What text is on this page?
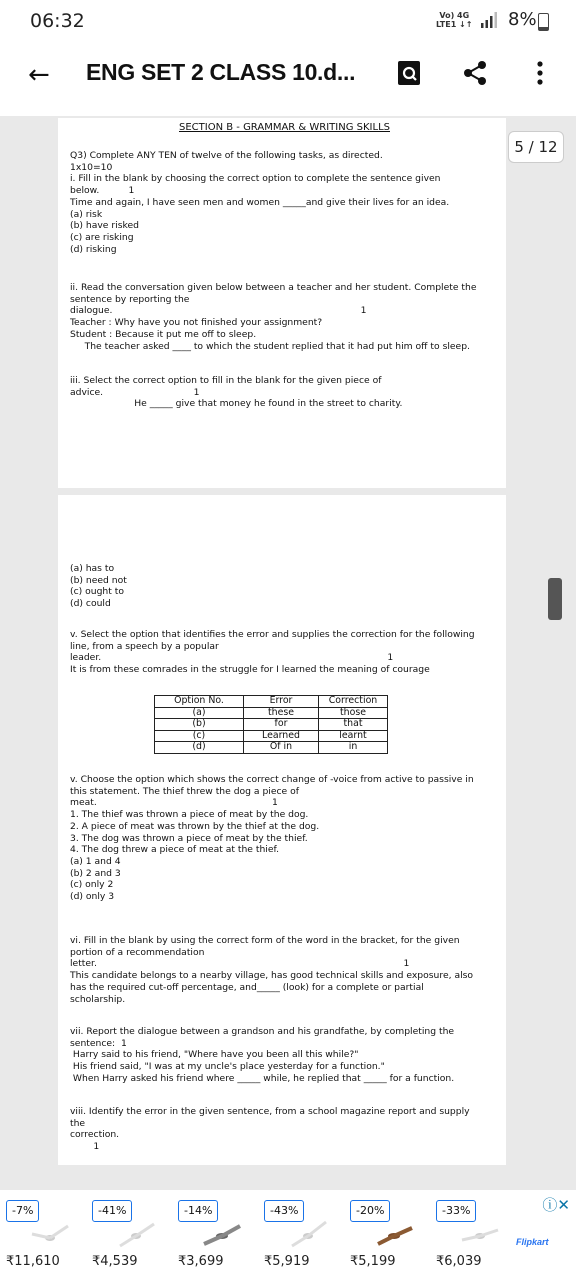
06:32	Vo) 4G
LTE1 ↓↑ 8%
← ENG SET 2 CLASS 10.d...
SECTION B - GRAMMAR & WRITING SKILLS
Q3) Complete ANY TEN of twelve of the following tasks, as directed.
1x10=10
i. Fill in the blank by choosing the correct option to complete the sentence given
below.          1
Time and again, I have seen men and women _____and give their lives for an idea.
(a) risk
(b) have risked
(c) are risking
(d) risking
ii. Read the conversation given below between a teacher and her student. Complete the
sentence by reporting the
dialogue.                                                                                     1
Teacher : Why have you not finished your assignment?
Student : Because it put me off to sleep.
The teacher asked ____ to which the student replied that it had put him off to sleep.
iii. Select the correct option to fill in the blank for the given piece of
advice.                               1
He _____ give that money he found in the street to charity.
(a) has to
(b) need not
(c) ought to
(d) could
v. Select the option that identifies the error and supplies the correction for the following
line, from a speech by a popular
leader.                                                                                                  1
It is from these comrades in the struggle for I learned the meaning of courage
Option No.	Error	Correction
(a)	these	those
(b)	for	that
(c)	Learned	learnt
(d)	Of in	in
v. Choose the option which shows the correct change of -voice from active to passive in
this statement. The thief threw the dog a piece of
meat.                                                            1
1. The thief was thrown a piece of meat by the dog.
2. A piece of meat was thrown by the thief at the dog.
3. The dog was thrown a piece of meat by the thief.
4. The dog threw a piece of meat at the thief.
(a) 1 and 4
(b) 2 and 3
(c) only 2
(d) only 3
vi. Fill in the blank by using the correct form of the word in the bracket, for the given
portion of a recommendation
letter.                                                                                                         1
This candidate belongs to a nearby village, has good technical skills and exposure, also
has the required cut-off percentage, and_____ (look) for a complete or partial
scholarship.
vii. Report the dialogue between a grandson and his grandfathe, by completing the
sentence:  1
Harry said to his friend, "Where have you been all this while?"
His friend said, "I was at my uncle's place yesterday for a function."
When Harry asked his friend where _____ while, he replied that _____ for a function.
viii. Identify the error in the given sentence, from a school magazine report and supply
the
correction.
1
5 / 12
ⓘ✕
-7%
₹11,610
-41%
₹4,539
-14%
₹3,699
-43%
₹5,919
-20%
₹5,199
-33%
₹6,039
Flipkart
